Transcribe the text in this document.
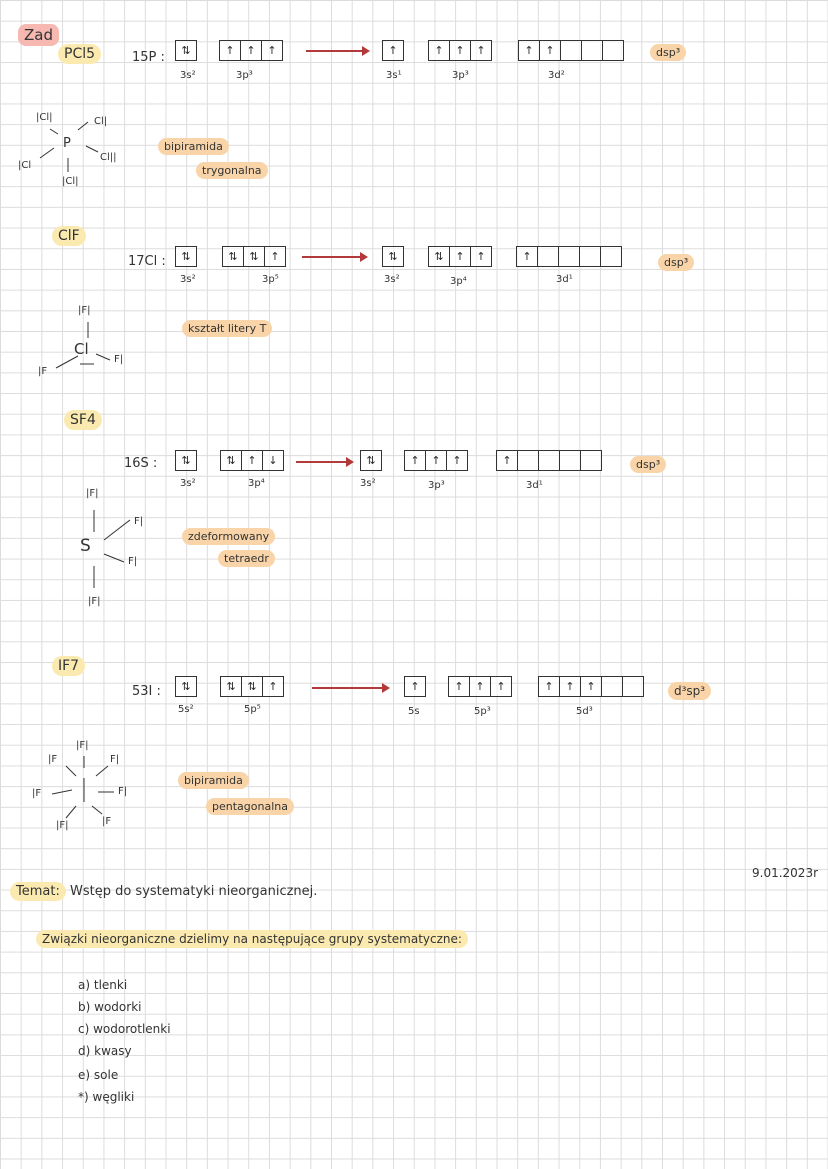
Zad
9.01.2023r
PCl5	15P :	⇅
3s²
↑	↑	↑
3p³
↑
3s¹
↑	↑	↑
3p³
↑	↑
3d²
dsp³
bipiramida
trygonalna
P
|Cl|	Cl|
|Cl
Cl||
|Cl|
ClF
17Cl :	⇅
3s²
⇅	⇅	↑
3p⁵
⇅
3s²
⇅	↑	↑
3p⁴
↑
3d¹
dsp³
kształt litery T
Cl
|F|
|F
F|
SF4
16S :	⇅
3s²
⇅	↑	↓
3p⁴
⇅
3s²
↑	↑	↑
3p³
↑
3d¹
dsp³
zdeformowany
tetraedr
S
|F|
F|
F|
|F|
IF7
53I :	⇅
5s²
⇅	⇅	↑
5p⁵
↑
5s
↑	↑	↑
5p³
↑	↑	↑
5d³
d³sp³
bipiramida
pentagonalna
|F|
|F	F|
|F	F|
|F|	|F
Temat: Wstęp do systematyki nieorganicznej.
Związki nieorganiczne dzielimy na następujące grupy systematyczne:
a) tlenki
b) wodorki
c) wodorotlenki
d) kwasy
e) sole
*) węgliki
